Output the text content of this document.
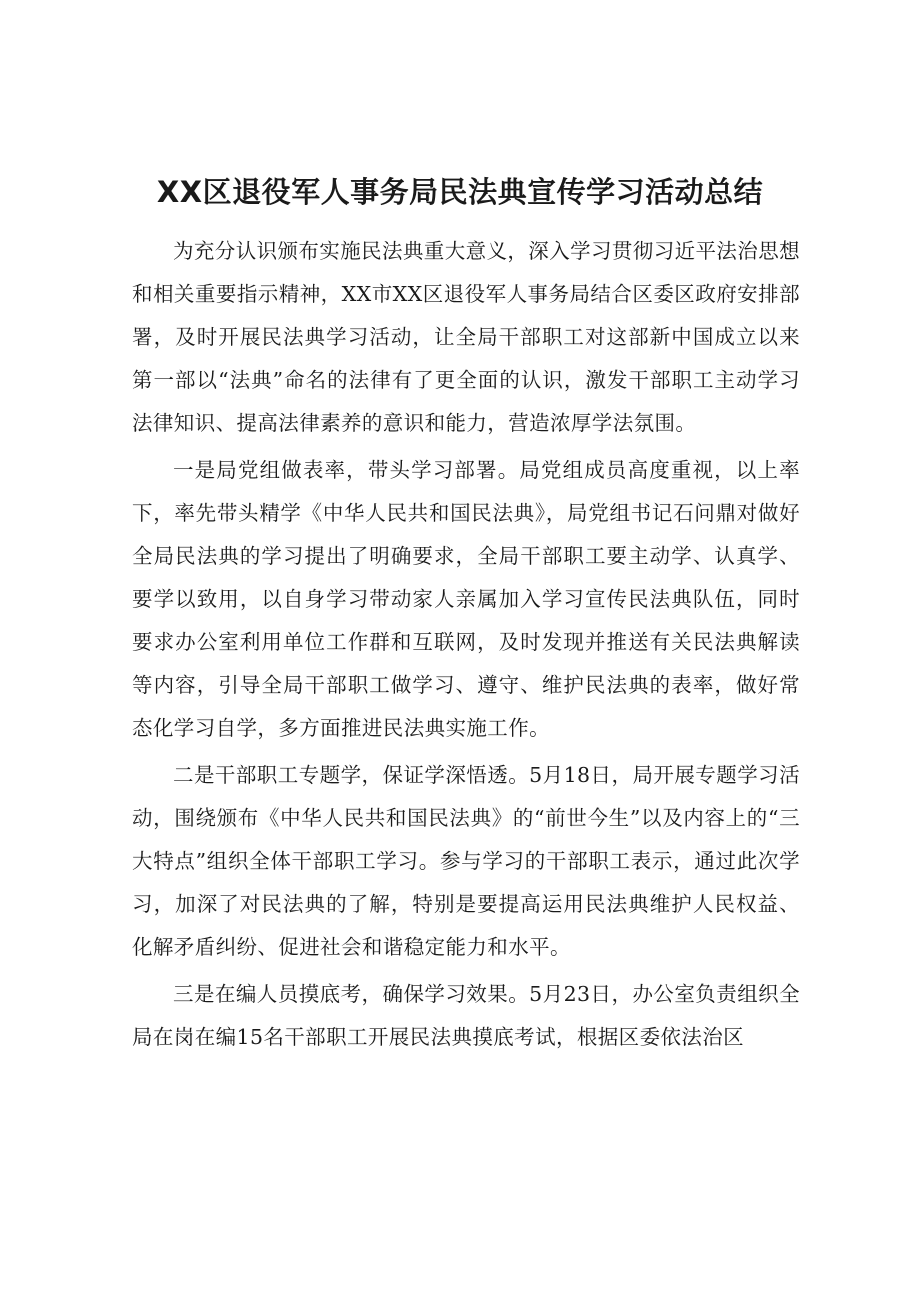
XX区退役军人事务局民法典宣传学习活动总结

为充分认识颁布实施民法典重大意义，深入学习贯彻习近平法治思想和相关重要指示精神，XX市XX区退役军人事务局结合区委区政府安排部署，及时开展民法典学习活动，让全局干部职工对这部新中国成立以来第一部以“法典”命名的法律有了更全面的认识，激发干部职工主动学习法律知识、提高法律素养的意识和能力，营造浓厚学法氛围。

一是局党组做表率，带头学习部署。局党组成员高度重视，以上率下，率先带头精学《中华人民共和国民法典》，局党组书记石问鼎对做好全局民法典的学习提出了明确要求，全局干部职工要主动学、认真学、要学以致用，以自身学习带动家人亲属加入学习宣传民法典队伍，同时要求办公室利用单位工作群和互联网，及时发现并推送有关民法典解读等内容，引导全局干部职工做学习、遵守、维护民法典的表率，做好常态化学习自学，多方面推进民法典实施工作。

二是干部职工专题学，保证学深悟透。5月18日，局开展专题学习活动，围绕颁布《中华人民共和国民法典》的“前世今生”以及内容上的“三大特点”组织全体干部职工学习。参与学习的干部职工表示，通过此次学习，加深了对民法典的了解，特别是要提高运用民法典维护人民权益、化解矛盾纠纷、促进社会和谐稳定能力和水平。

三是在编人员摸底考，确保学习效果。5月23日，办公室负责组织全局在岗在编15名干部职工开展民法典摸底考试，根据区委依法治区
